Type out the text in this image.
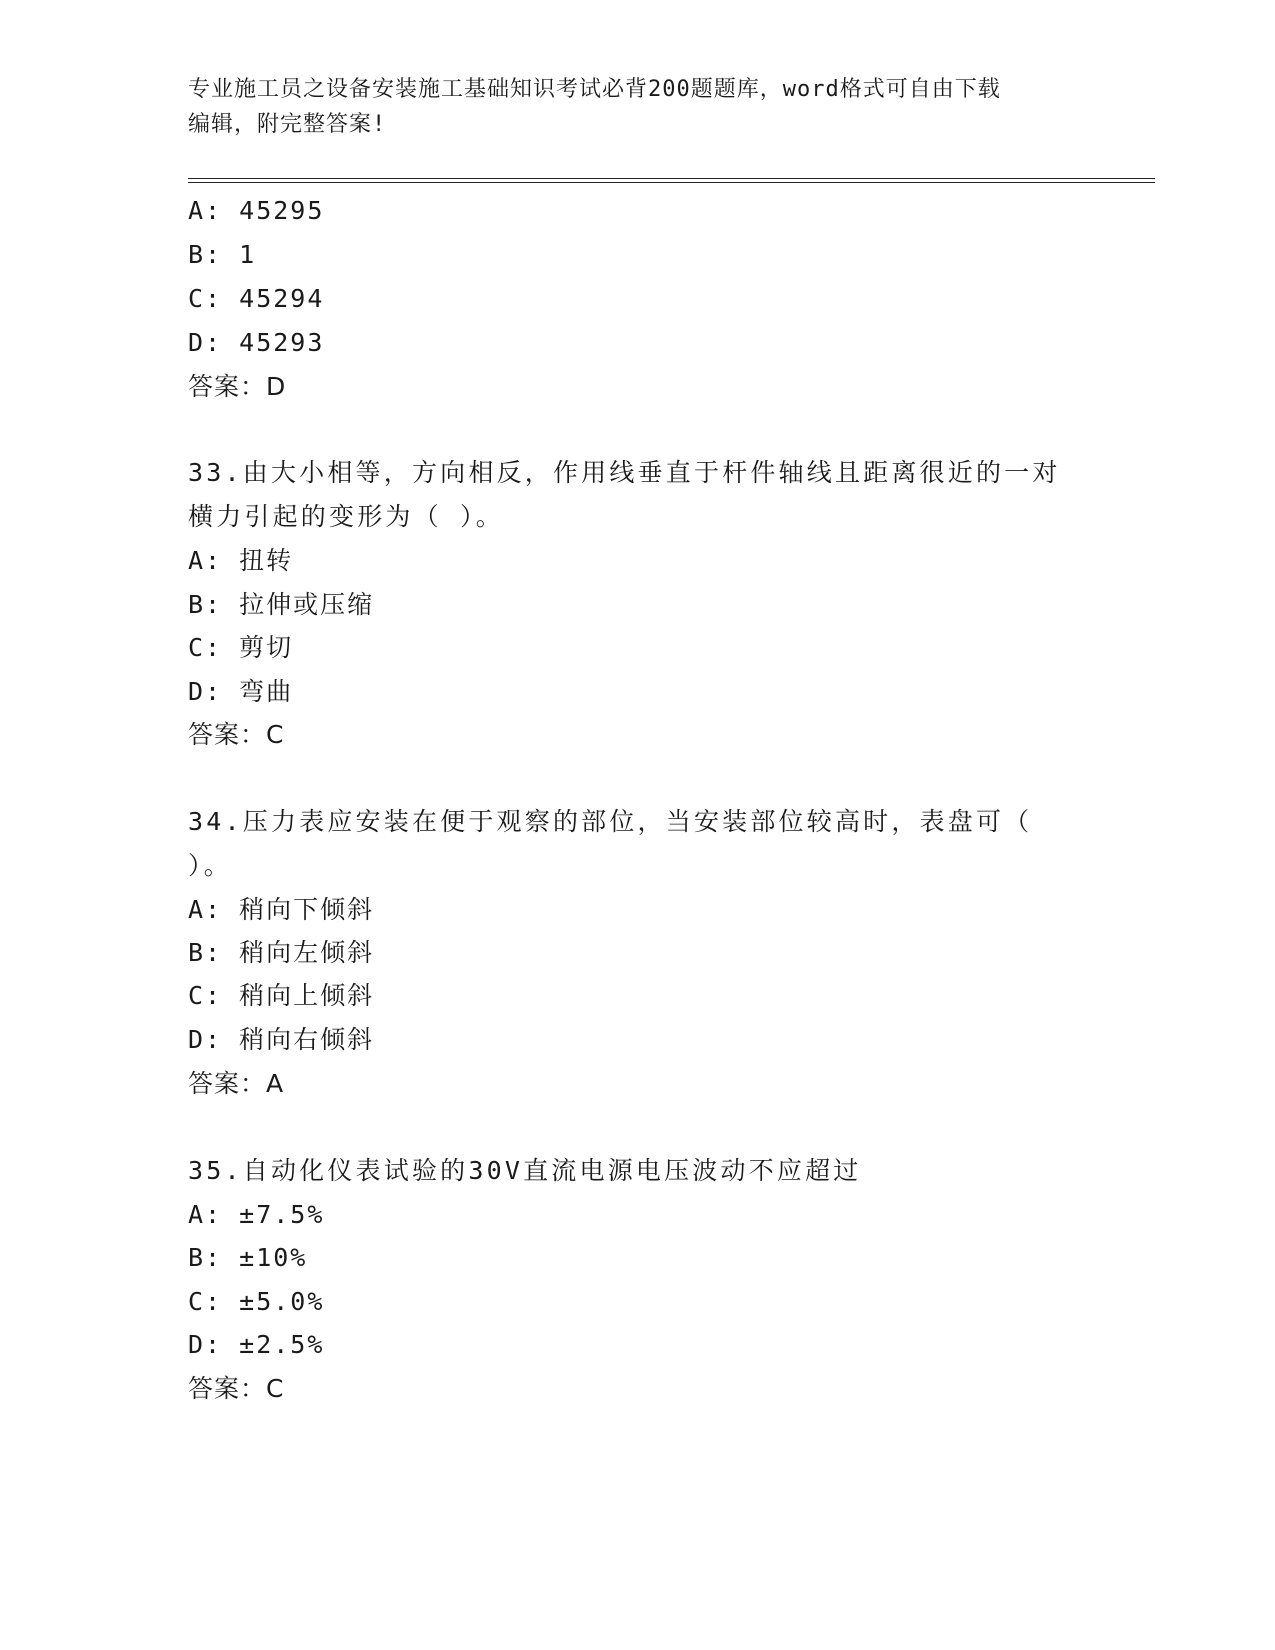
专业施工员之设备安装施工基础知识考试必背200题题库，word格式可自由下载
编辑，附完整答案!
A: 45295
B: 1
C: 45294
D: 45293
答案：D
33.由大小相等，方向相反，作用线垂直于杆件轴线且距离很近的一对
横力引起的变形为（ ）。
A: 扭转
B: 拉伸或压缩
C: 剪切
D: 弯曲
答案：C
34.压力表应安装在便于观察的部位，当安装部位较高时，表盘可（
）。
A: 稍向下倾斜
B: 稍向左倾斜
C: 稍向上倾斜
D: 稍向右倾斜
答案：A
35.自动化仪表试验的30V直流电源电压波动不应超过
A: ±7.5%
B: ±10%
C: ±5.0%
D: ±2.5%
答案：C
